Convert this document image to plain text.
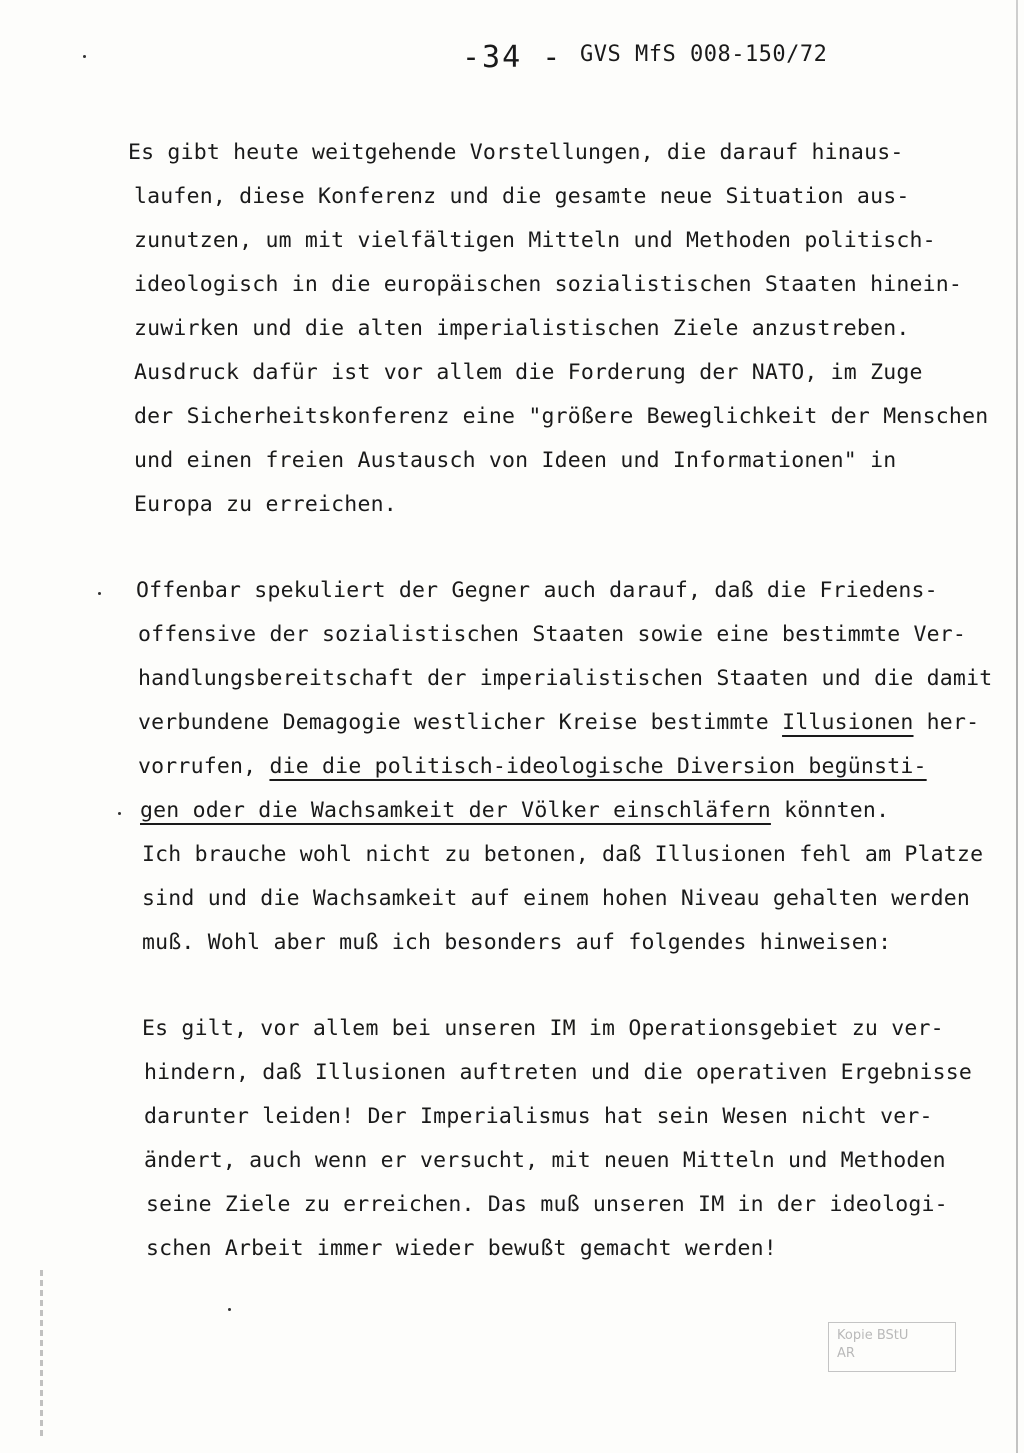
-34 - GVS MfS 008-150/72
Es gibt heute weitgehende Vorstellungen, die darauf hinaus-
laufen, diese Konferenz und die gesamte neue Situation aus-
zunutzen, um mit vielfältigen Mitteln und Methoden politisch-
ideologisch in die europäischen sozialistischen Staaten hinein-
zuwirken und die alten imperialistischen Ziele anzustreben.
Ausdruck dafür ist vor allem die Forderung der NATO, im Zuge
der Sicherheitskonferenz eine "größere Beweglichkeit der Menschen
und einen freien Austausch von Ideen und Informationen" in
Europa zu erreichen.
Offenbar spekuliert der Gegner auch darauf, daß die Friedens-
offensive der sozialistischen Staaten sowie eine bestimmte Ver-
handlungsbereitschaft der imperialistischen Staaten und die damit
verbundene Demagogie westlicher Kreise bestimmte Illusionen her-
vorrufen, die die politisch-ideologische Diversion begünsti-
gen oder die Wachsamkeit der Völker einschläfern könnten.
Ich brauche wohl nicht zu betonen, daß Illusionen fehl am Platze
sind und die Wachsamkeit auf einem hohen Niveau gehalten werden
muß. Wohl aber muß ich besonders auf folgendes hinweisen:
Es gilt, vor allem bei unseren IM im Operationsgebiet zu ver-
hindern, daß Illusionen auftreten und die operativen Ergebnisse
darunter leiden! Der Imperialismus hat sein Wesen nicht ver-
ändert, auch wenn er versucht, mit neuen Mitteln und Methoden
seine Ziele zu erreichen. Das muß unseren IM in der ideologi-
schen Arbeit immer wieder bewußt gemacht werden!
Kopie BStU
AR
